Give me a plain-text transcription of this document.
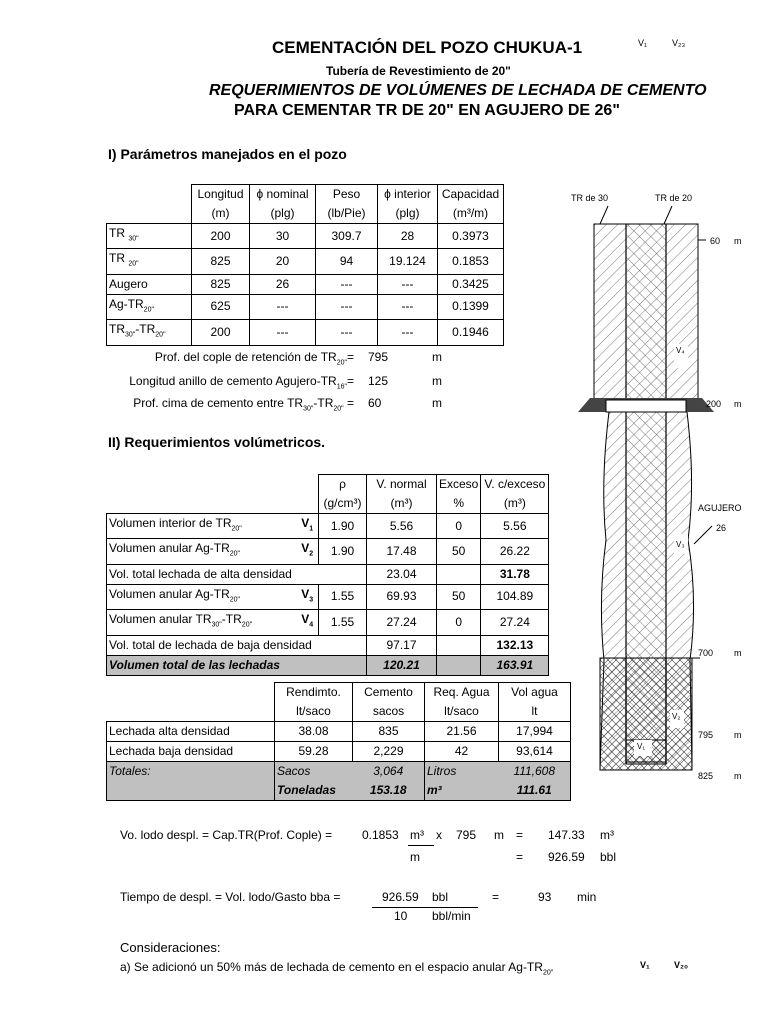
CEMENTACIÓN DEL POZO CHUKUA-1	V₁	V₂₃
Tubería de Revestimiento de 20"
REQUERIMIENTOS DE VOLÚMENES DE LECHADA DE CEMENTO
PARA CEMENTAR TR DE 20" EN AGUJERO DE 26"
I) Parámetros manejados en el pozo
	Longitud	ϕ nominal	Peso	ϕ interior	Capacidad
	(m)	(plg)	(lb/Pie)	(plg)	(m³/m)
TR $_{30"}$	200	30	309.7	28	0.3973
TR $_{20"}$	825	20	94	19.124	0.1853
Augero	825	26	---	---	0.3425
$Ag-TR_{20"}$	625	---	---	---	0.1399
$TR_{30"}-TR_{20"}$	200	---	---	---	0.1946
Prof. del cople de retención de $TR_{20"}= 795$	m
Longitud anillo de cemento Agujero-$TR_{16"}= 125$	m
Prof. cima de cemento entre $TR_{30"}-TR_{20"} = 60$	m
II) Requerimientos volúmetricos.
		ρ	V. normal	Exceso	V. c/exceso
		(g/cm³)	(m³)	%	(m³)
Volumen interior de $TR_{20"}$	$V_1$	1.90	5.56	0	5.56
Volumen anular $Ag-TR_{20"}$	$V_2$	1.90	17.48	50	26.22
Vol. total lechada de alta densidad			23.04		31.78
Volumen anular $Ag-TR_{20"}$	$V_3$	1.55	69.93	50	104.89
Volumen anular $TR_{30"}-TR_{20"}$	$V_4$	1.55	27.24	0	27.24
Vol. total de lechada de baja densidad			97.17		132.13
Volumen total de las lechadas			120.21		163.91
	Rendimto.	Cemento	Req. Agua	Vol agua
	lt/saco	sacos	lt/saco	lt
Lechada alta densidad	38.08	835	21.56	17,994
Lechada baja densidad	59.28	2,229	42	93,614
Totales:	Sacos	3,064	Litros	111,608
	Toneladas	153.18	m³	111.61
Vo. lodo despl. = Cap.TR(Prof. Cople) = 0.1853 m³ x 795 m = 147.33 m³
m	= 926.59 bbl
Tiempo de despl. = Vol. lodo/Gasto bba =	926.59 bbl	=	93 min
10 bbl/min
Consideraciones:
a) Se adicionó un 50% más de lechada de cemento en el espacio anular $Ag-TR_{20"}$
V₁	V₂₀
TR de 30	TR de 20
60 m
200 m
AGUJERO
26
700 m
795 m
825 m
V₄
V₃
V₂
V₁
